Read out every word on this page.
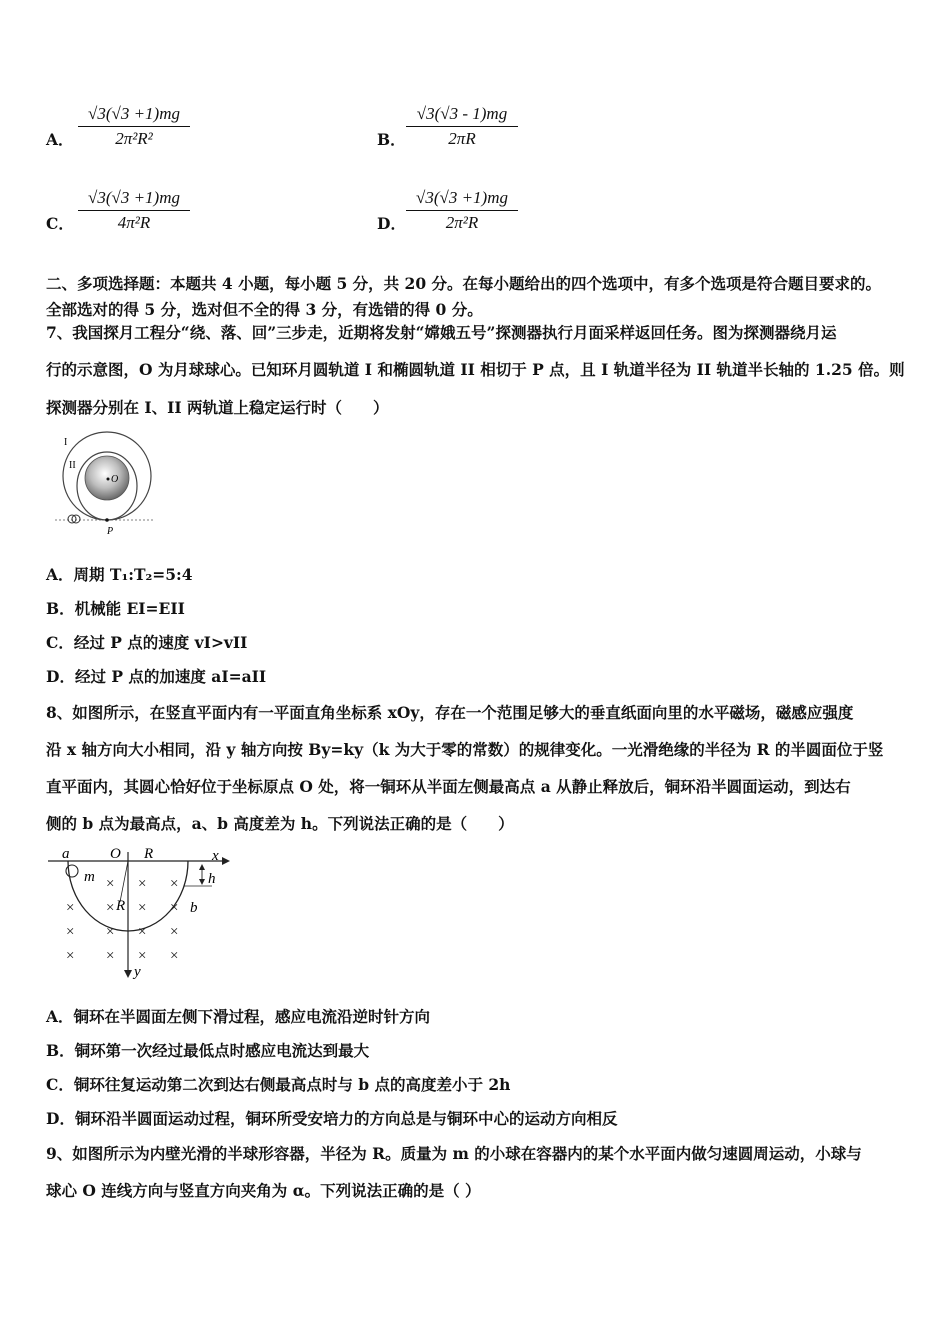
A． $\frac{√3(√3 +1)mg}{\text{2π²R²}}$	B． $\frac{√3(√3 - 1)mg}{2\pi R}$
C． $\frac{√3(√3 +1)mg}{\text{4π²R}}$	D． $\frac{√3(√3 +1)mg}{\text{2π²R}}$
二、多项选择题：本题共 4 小题，每小题 5 分，共 20 分。在每小题给出的四个选项中，有多个选项是符合题目要求的。
全部选对的得 5 分，选对但不全的得 3 分，有选错的得 0 分。
7、我国探月工程分“绕、落、回”三步走，近期将发射“嫦娥五号”探测器执行月面采样返回任务。图为探测器绕月运
行的示意图，O 为月球球心。已知环月圆轨道 I 和椭圆轨道 II 相切于 P 点，且 I 轨道半径为 II 轨道半长轴的 1.25 倍。则
探测器分别在 I、II 两轨道上稳定运行时（　　）
I
II
O
P
A．周期 T₁:T₂=5:4
B．机械能 EI=EII
C．经过 P 点的速度 vI>vII
D．经过 P 点的加速度 aI=aII
8、如图所示，在竖直平面内有一平面直角坐标系 xOy，存在一个范围足够大的垂直纸面向里的水平磁场，磁感应强度
沿 x 轴方向大小相同，沿 y 轴方向按 By=ky（k 为大于零的常数）的规律变化。一光滑绝缘的半径为 R 的半圆面位于竖
直平面内，其圆心恰好位于坐标原点 O 处，将一铜环从半面左侧最高点 a 从静止释放后，铜环沿半圆面运动，到达右
侧的 b 点为最高点，a、b 高度差为 h。下列说法正确的是（　　）
× × ×
× × × ×
× × × ×
× × × ×
a	O R	x
m	h
R	b
y
A．铜环在半圆面左侧下滑过程，感应电流沿逆时针方向
B．铜环第一次经过最低点时感应电流达到最大
C．铜环往复运动第二次到达右侧最高点时与 b 点的高度差小于 2h
D．铜环沿半圆面运动过程，铜环所受安培力的方向总是与铜环中心的运动方向相反
9、如图所示为内壁光滑的半球形容器，半径为 R。质量为 m 的小球在容器内的某个水平面内做匀速圆周运动，小球与
球心 O 连线方向与竖直方向夹角为 α。下列说法正确的是（ ）
